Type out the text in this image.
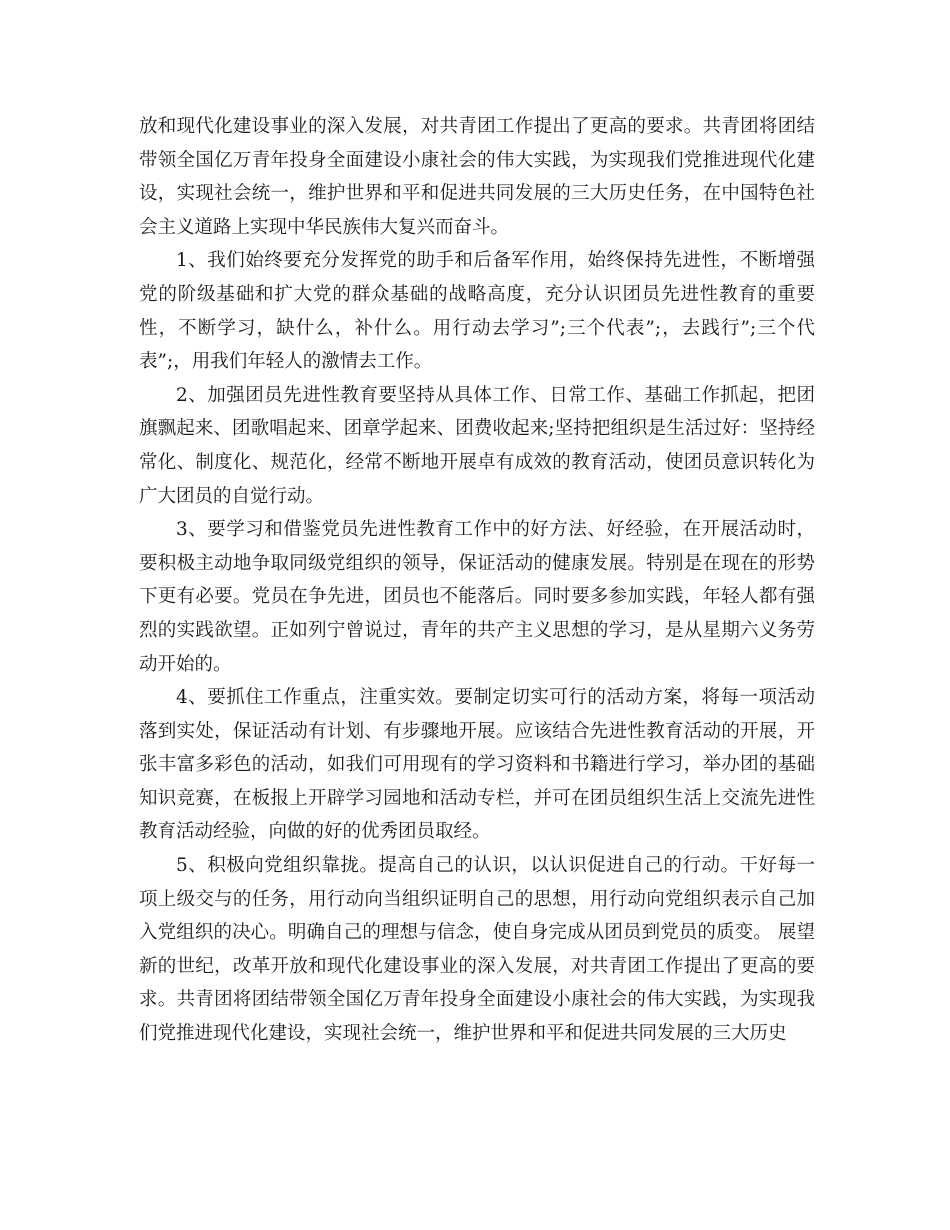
放和现代化建设事业的深入发展，对共青团工作提出了更高的要求。共青团将团结带领全国亿万青年投身全面建设小康社会的伟大实践，为实现我们党推进现代化建设，实现社会统一，维护世界和平和促进共同发展的三大历史任务，在中国特色社会主义道路上实现中华民族伟大复兴而奋斗。

1、我们始终要充分发挥党的助手和后备军作用，始终保持先进性，不断增强党的阶级基础和扩大党的群众基础的战略高度，充分认识团员先进性教育的重要性，不断学习，缺什么，补什么。用行动去学习”;三个代表”;，去践行”;三个代表”;，用我们年轻人的激情去工作。

2、加强团员先进性教育要坚持从具体工作、日常工作、基础工作抓起，把团旗飘起来、团歌唱起来、团章学起来、团费收起来;坚持把组织是生活过好：坚持经常化、制度化、规范化，经常不断地开展卓有成效的教育活动，使团员意识转化为广大团员的自觉行动。

3、要学习和借鉴党员先进性教育工作中的好方法、好经验，在开展活动时，要积极主动地争取同级党组织的领导，保证活动的健康发展。特别是在现在的形势下更有必要。党员在争先进，团员也不能落后。同时要多参加实践，年轻人都有强烈的实践欲望。正如列宁曾说过，青年的共产主义思想的学习，是从星期六义务劳动开始的。

4、要抓住工作重点，注重实效。要制定切实可行的活动方案，将每一项活动落到实处，保证活动有计划、有步骤地开展。应该结合先进性教育活动的开展，开张丰富多彩色的活动，如我们可用现有的学习资料和书籍进行学习，举办团的基础知识竞赛，在板报上开辟学习园地和活动专栏，并可在团员组织生活上交流先进性教育活动经验，向做的好的优秀团员取经。

5、积极向党组织靠拢。提高自己的认识，以认识促进自己的行动。干好每一项上级交与的任务，用行动向当组织证明自己的思想，用行动向党组织表示自己加入党组织的决心。明确自己的理想与信念，使自身完成从团员到党员的质变。 展望新的世纪，改革开放和现代化建设事业的深入发展，对共青团工作提出了更高的要求。共青团将团结带领全国亿万青年投身全面建设小康社会的伟大实践，为实现我们党推进现代化建设，实现社会统一，维护世界和平和促进共同发展的三大历史
